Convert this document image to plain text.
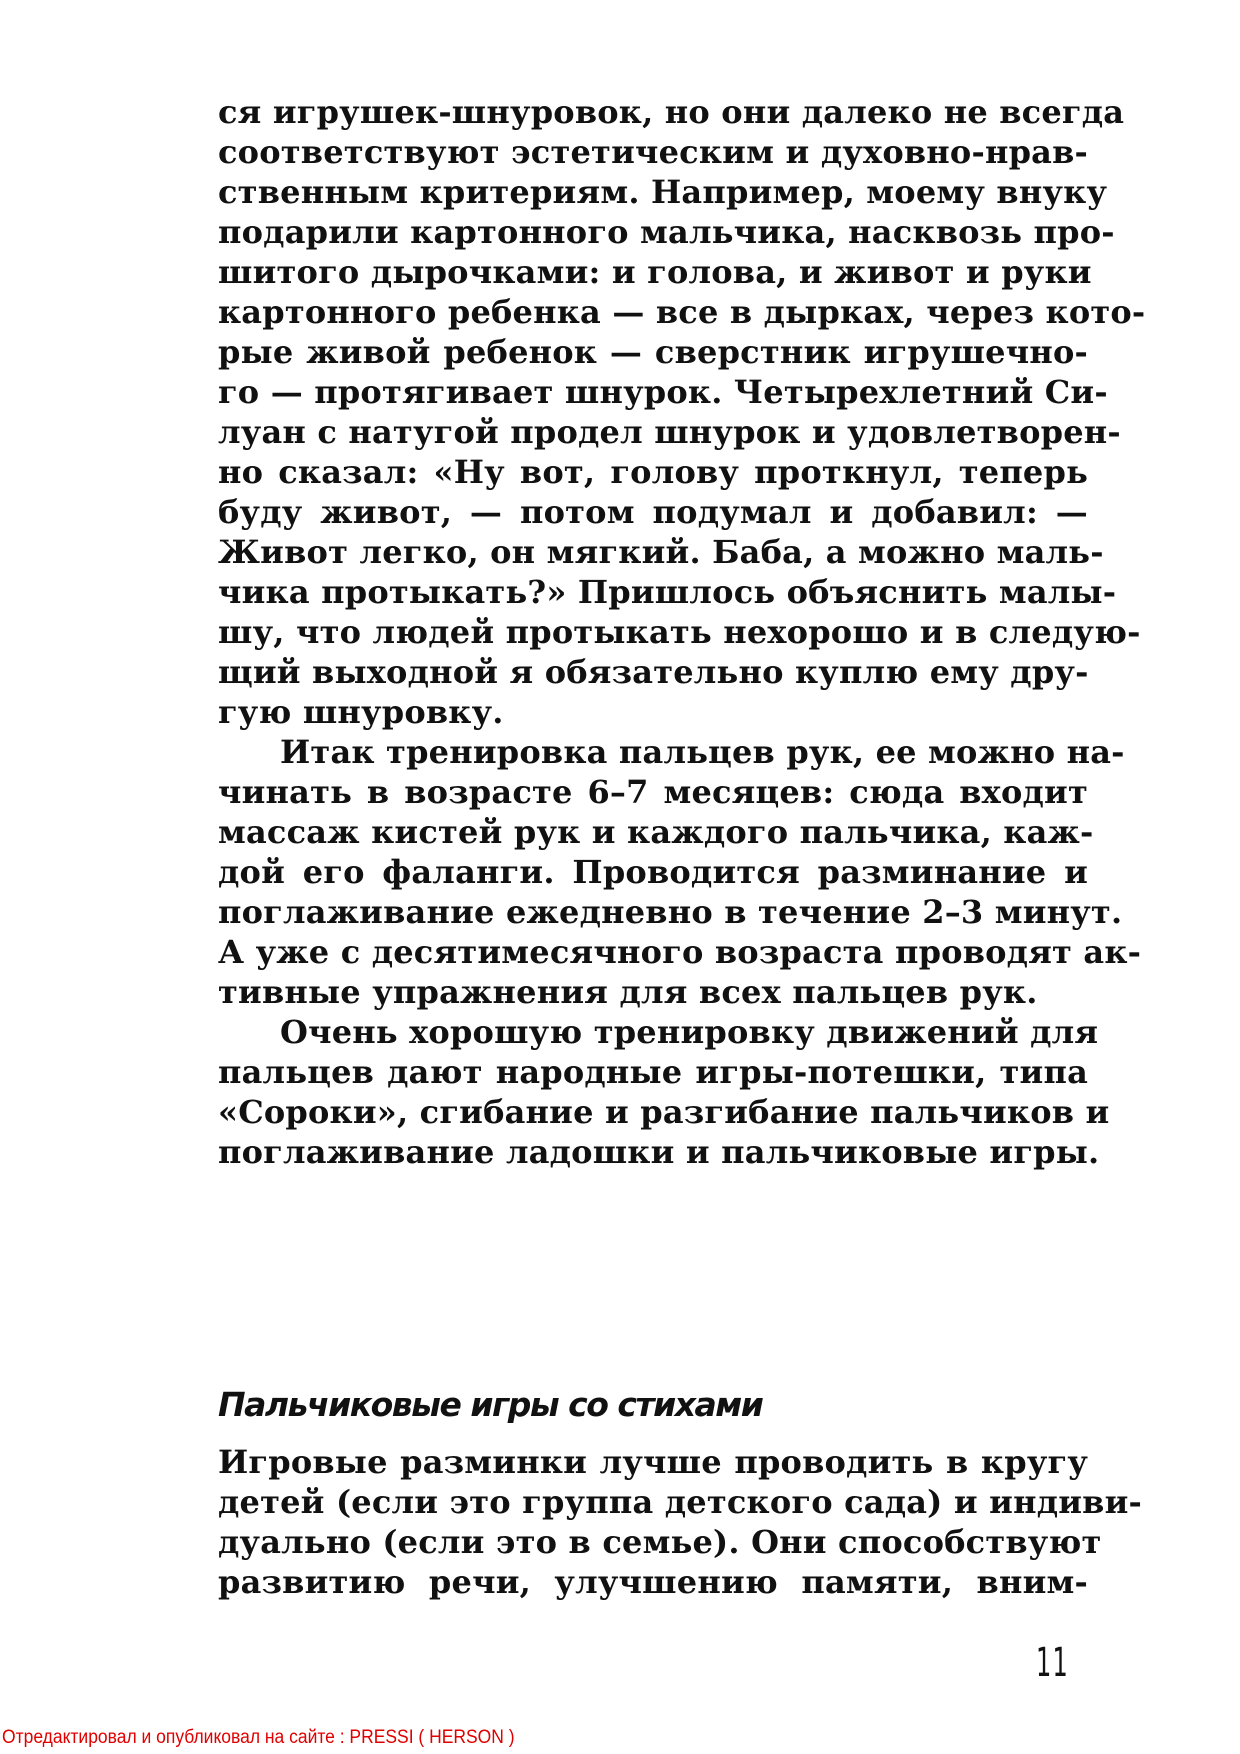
ся игрушек-шнуровок, но они далеко не всегда
соответствуют эстетическим и духовно-нрав-
ственным критериям. Например, моему внуку
подарили картонного мальчика, насквозь про-
шитого дырочками: и голова, и живот и руки
картонного ребенка — все в дырках, через кото-
рые живой ребенок — сверстник игрушечно-
го — протягивает шнурок. Четырехлетний Си-
луан с натугой продел шнурок и удовлетворен-
но сказал: «Ну вот, голову проткнул, теперь
буду живот, — потом подумал и добавил: —
Живот легко, он мягкий. Баба, а можно маль-
чика протыкать?» Пришлось объяснить малы-
шу, что людей протыкать нехорошо и в следую-
щий выходной я обязательно куплю ему дру-
гую шнуровку.
Итак тренировка пальцев рук, ее можно на-
чинать в возрасте 6–7 месяцев: сюда входит
массаж кистей рук и каждого пальчика, каж-
дой его фаланги. Проводится разминание и
поглаживание ежедневно в течение 2–3 минут.
А уже с десятимесячного возраста проводят ак-
тивные упражнения для всех пальцев рук.
Очень хорошую тренировку движений для
пальцев дают народные игры-потешки, типа
«Сороки», сгибание и разгибание пальчиков и
поглаживание ладошки и пальчиковые игры.
Пальчиковые игры со стихами
Игровые разминки лучше проводить в кругу
детей (если это группа детского сада) и индиви-
дуально (если это в семье). Они способствуют
развитию речи, улучшению памяти, вним-
11
Отредактировал и опубликовал на сайте : PRESSI ( HERSON )
